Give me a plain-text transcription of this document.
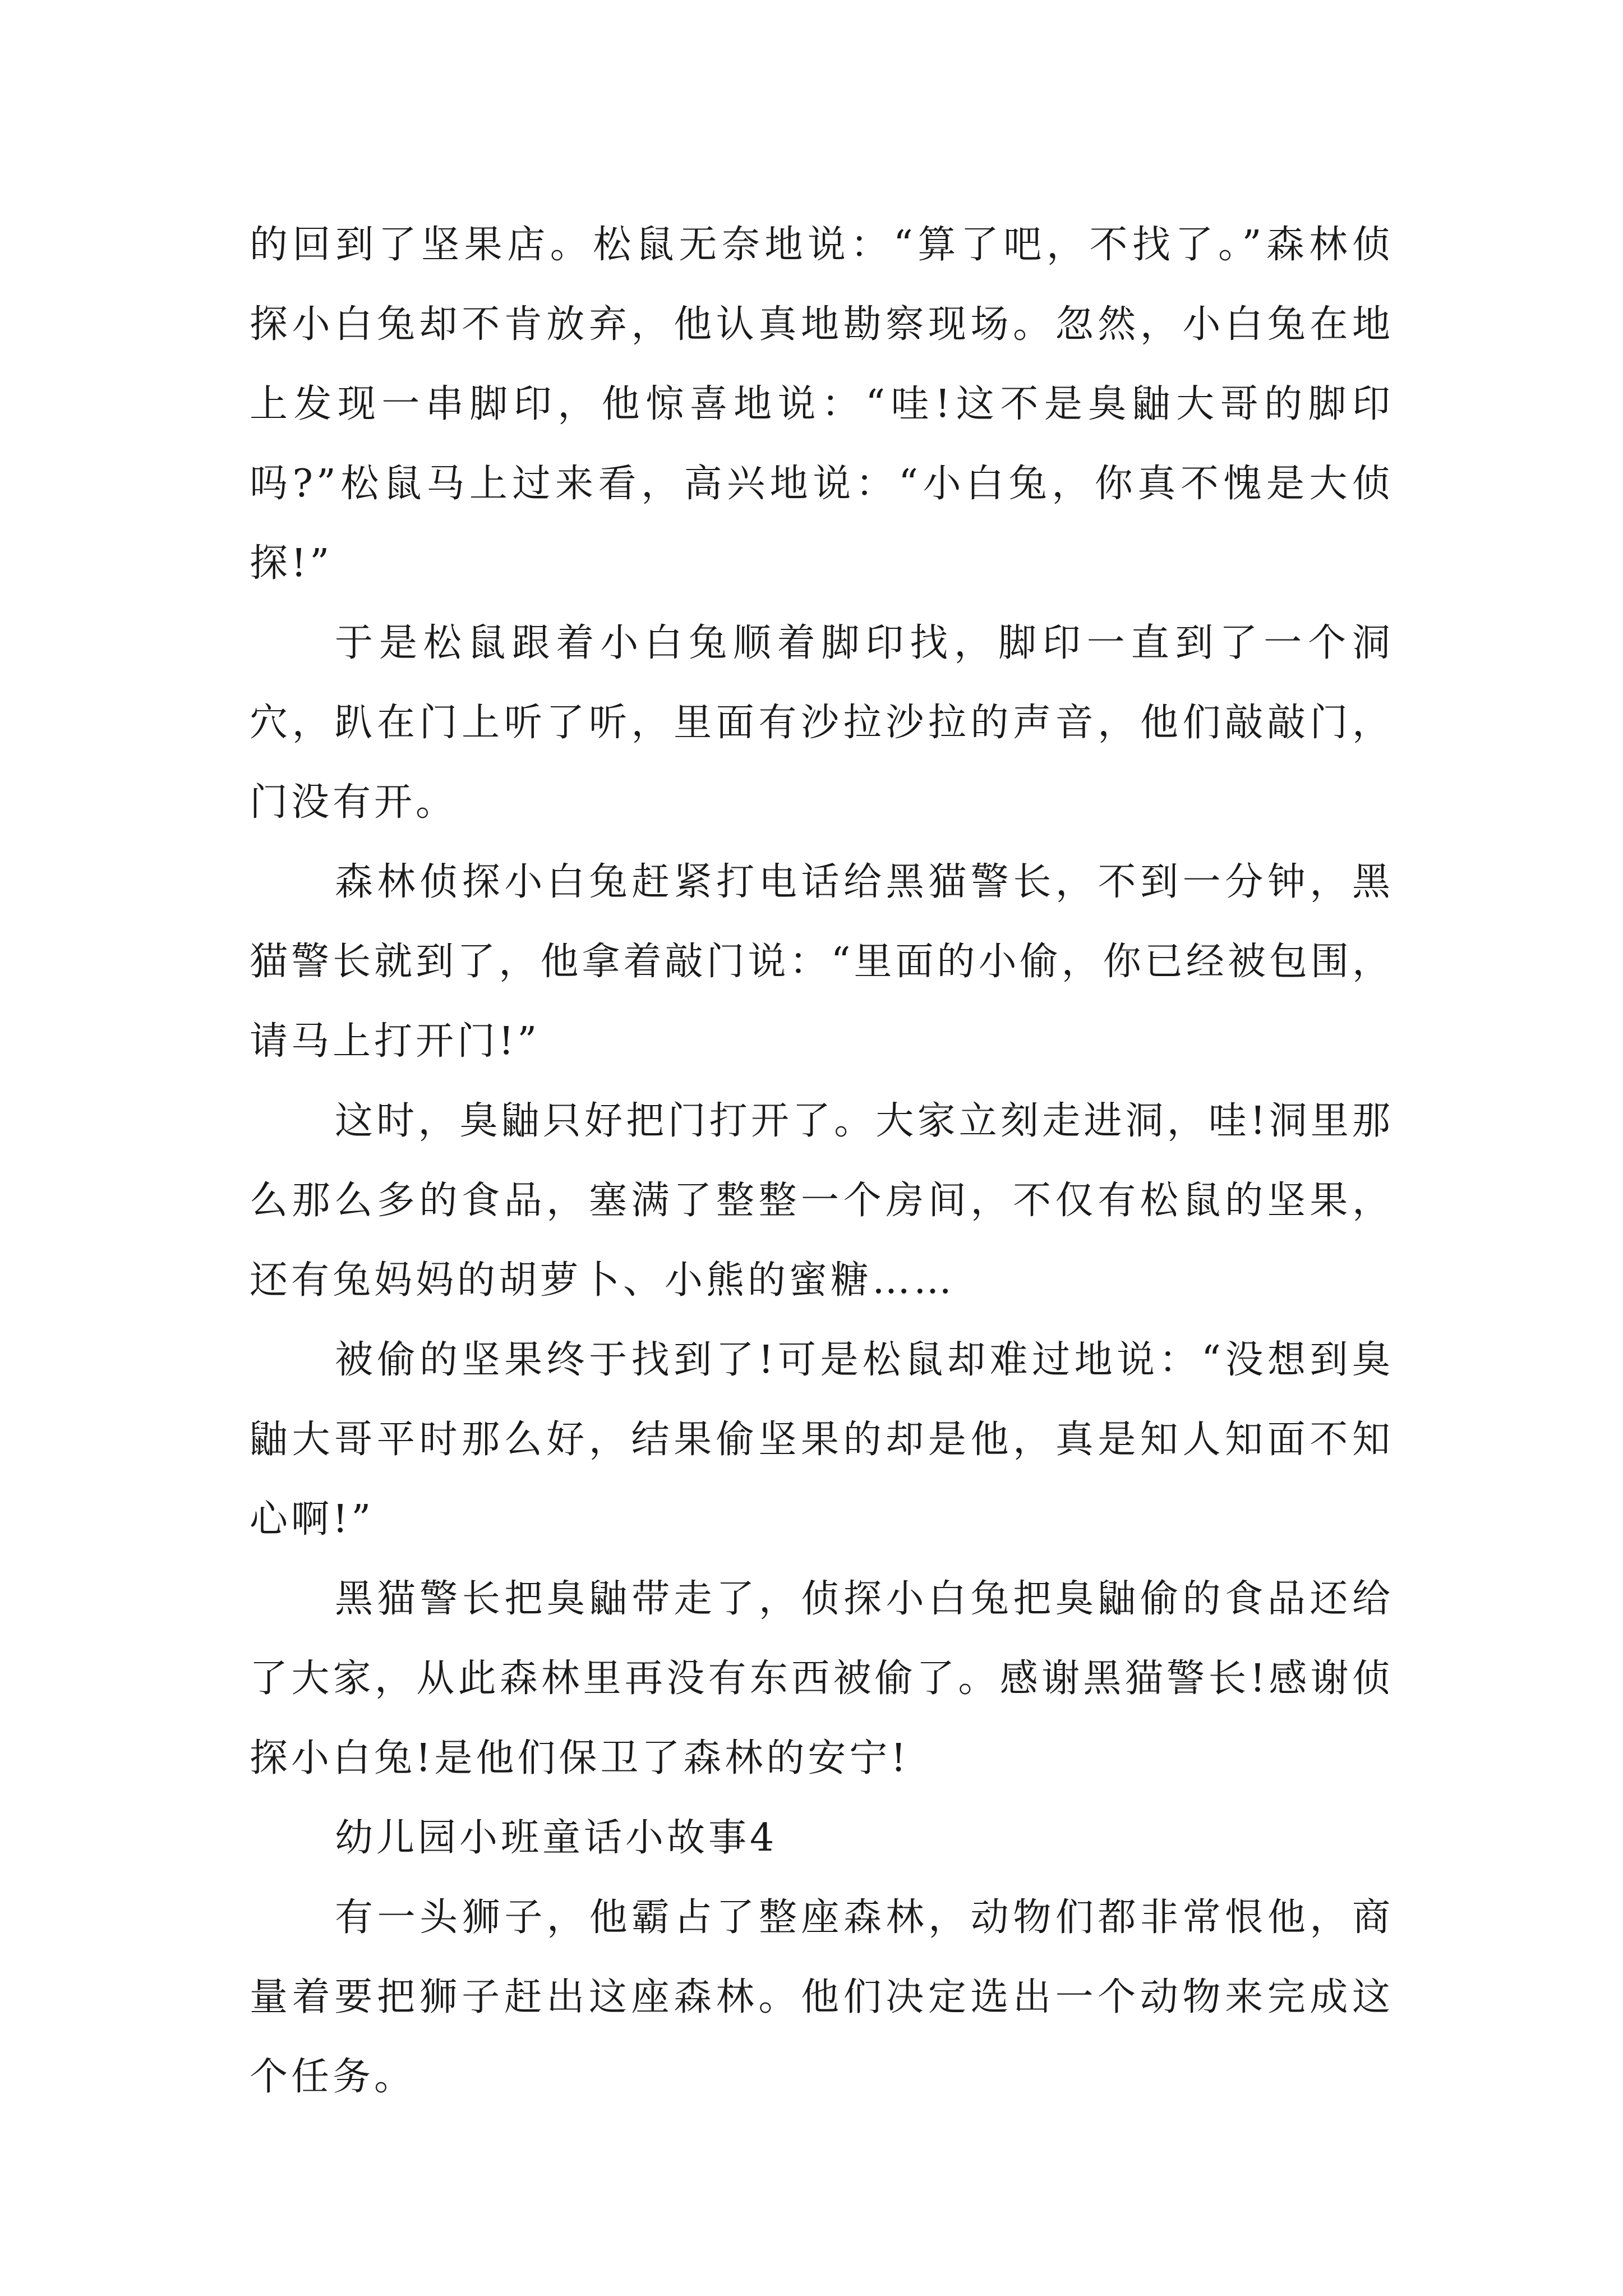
的回到了坚果店。松鼠无奈地说：“算了吧，不找了。”森林侦探小白兔却不肯放弃，他认真地勘察现场。忽然，小白兔在地上发现一串脚印，他惊喜地说：“哇!这不是臭鼬大哥的脚印吗?”松鼠马上过来看，高兴地说：“小白兔，你真不愧是大侦探!”

于是松鼠跟着小白兔顺着脚印找，脚印一直到了一个洞穴，趴在门上听了听，里面有沙拉沙拉的声音，他们敲敲门，门没有开。

森林侦探小白兔赶紧打电话给黑猫警长，不到一分钟，黑猫警长就到了，他拿着敲门说：“里面的小偷，你已经被包围，请马上打开门!”

这时，臭鼬只好把门打开了。大家立刻走进洞，哇!洞里那么那么多的食品，塞满了整整一个房间，不仅有松鼠的坚果，还有兔妈妈的胡萝卜、小熊的蜜糖……

被偷的坚果终于找到了!可是松鼠却难过地说：“没想到臭鼬大哥平时那么好，结果偷坚果的却是他，真是知人知面不知心啊!”

黑猫警长把臭鼬带走了，侦探小白兔把臭鼬偷的食品还给了大家，从此森林里再没有东西被偷了。感谢黑猫警长!感谢侦探小白兔!是他们保卫了森林的安宁!

幼儿园小班童话小故事4

有一头狮子，他霸占了整座森林，动物们都非常恨他，商量着要把狮子赶出这座森林。他们决定选出一个动物来完成这个任务。
